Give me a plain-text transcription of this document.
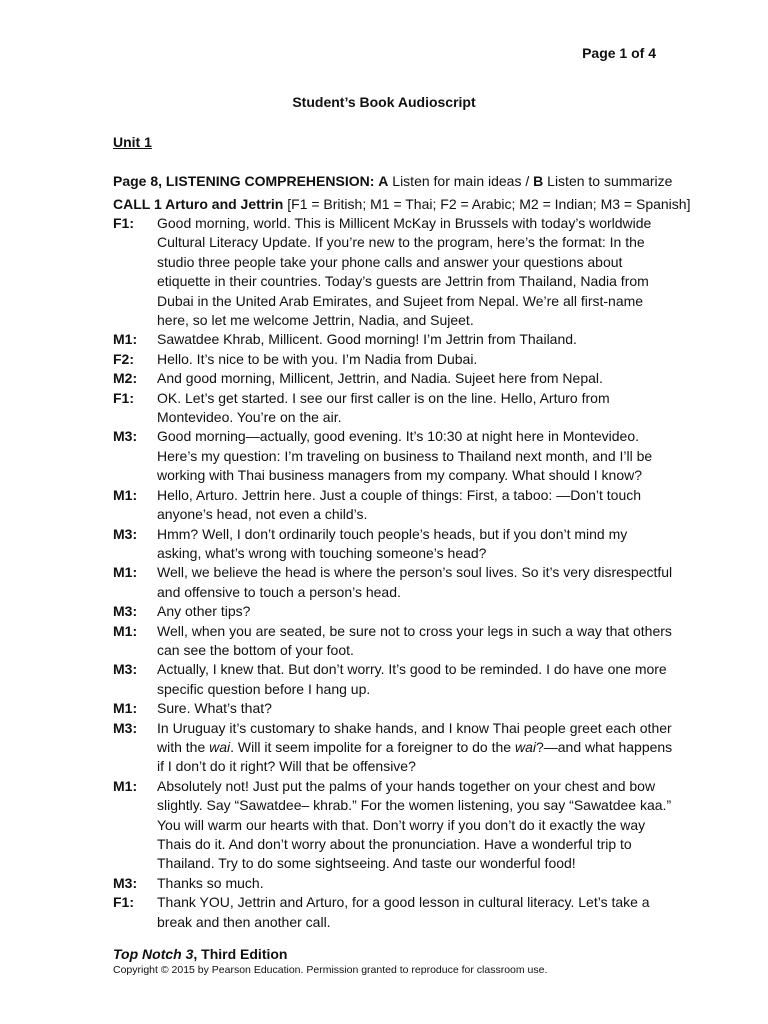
Page 1 of 4
Student’s Book Audioscript
Unit 1
Page 8, LISTENING COMPREHENSION: A Listen for main ideas / B Listen to summarize
CALL 1 Arturo and Jettrin [F1 = British; M1 = Thai; F2 = Arabic; M2 = Indian; M3 = Spanish]
F1:	Good morning, world. This is Millicent McKay in Brussels with today’s worldwide Cultural Literacy Update. If you’re new to the program, here’s the format: In the studio three people take your phone calls and answer your questions about etiquette in their countries. Today’s guests are Jettrin from Thailand, Nadia from Dubai in the United Arab Emirates, and Sujeet from Nepal. We’re all first-name here, so let me welcome Jettrin, Nadia, and Sujeet.
M1:	Sawatdee Khrab, Millicent. Good morning! I’m Jettrin from Thailand.
F2:	Hello. It’s nice to be with you. I’m Nadia from Dubai.
M2:	And good morning, Millicent, Jettrin, and Nadia. Sujeet here from Nepal.
F1:	OK. Let’s get started. I see our first caller is on the line. Hello, Arturo from Montevideo. You’re on the air.
M3:	Good morning—actually, good evening. It’s 10:30 at night here in Montevideo. Here’s my question: I’m traveling on business to Thailand next month, and I’ll be working with Thai business managers from my company. What should I know?
M1:	Hello, Arturo. Jettrin here. Just a couple of things: First, a taboo: —Don’t touch anyone’s head, not even a child’s.
M3:	Hmm? Well, I don’t ordinarily touch people’s heads, but if you don’t mind my asking, what’s wrong with touching someone’s head?
M1:	Well, we believe the head is where the person’s soul lives. So it’s very disrespectful and offensive to touch a person’s head.
M3:	Any other tips?
M1:	Well, when you are seated, be sure not to cross your legs in such a way that others can see the bottom of your foot.
M3:	Actually, I knew that. But don’t worry. It’s good to be reminded. I do have one more specific question before I hang up.
M1:	Sure. What’s that?
M3:	In Uruguay it’s customary to shake hands, and I know Thai people greet each other with the wai. Will it seem impolite for a foreigner to do the wai?—and what happens if I don’t do it right? Will that be offensive?
M1:	Absolutely not! Just put the palms of your hands together on your chest and bow slightly. Say “Sawatdee– khrab.” For the women listening, you say “Sawatdee kaa.” You will warm our hearts with that. Don’t worry if you don’t do it exactly the way Thais do it. And don’t worry about the pronunciation. Have a wonderful trip to Thailand. Try to do some sightseeing. And taste our wonderful food!
M3:	Thanks so much.
F1:	Thank YOU, Jettrin and Arturo, for a good lesson in cultural literacy. Let’s take a break and then another call.
Top Notch 3, Third Edition
Copyright © 2015 by Pearson Education. Permission granted to reproduce for classroom use.
